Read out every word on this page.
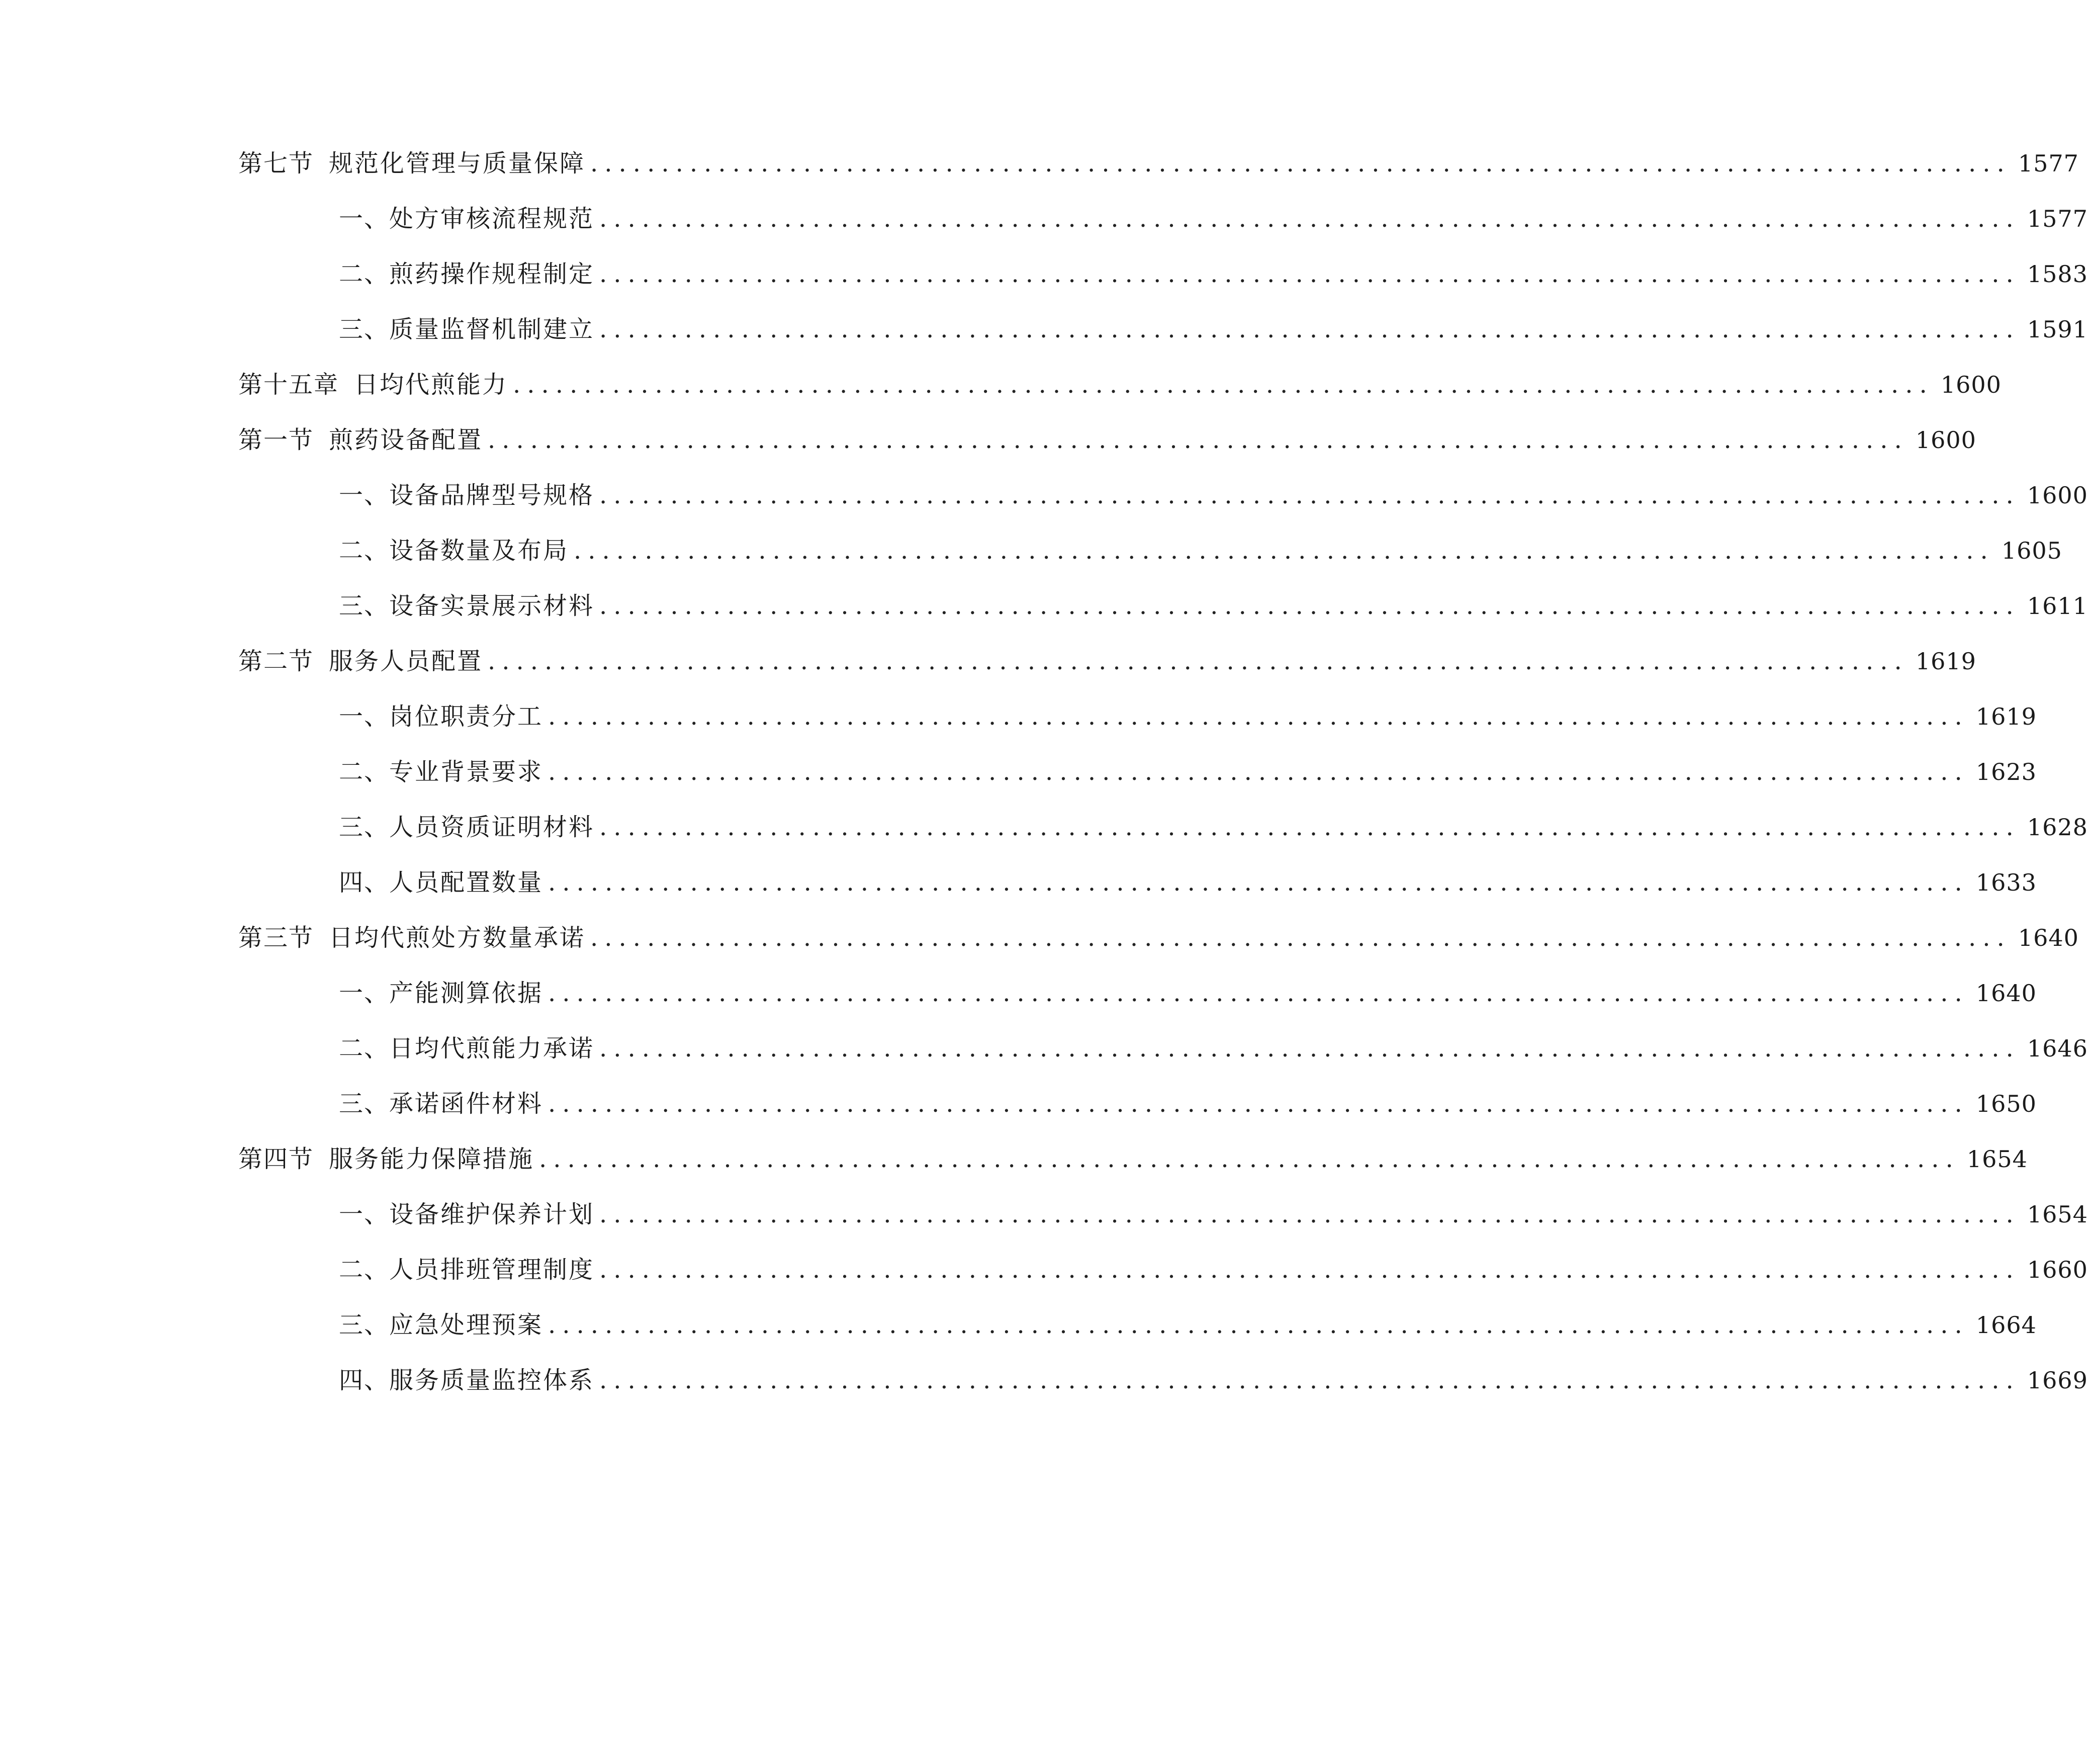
第七节 规范化管理与质量保障 .................................................................................................... 1577
一、 处方审核流程规范 .................................................................................................... 1577
二、 煎药操作规程制定 .................................................................................................... 1583
三、 质量监督机制建立 .................................................................................................... 1591
第十五章 日均代煎能力 .................................................................................................... 1600
第一节 煎药设备配置 .................................................................................................... 1600
一、 设备品牌型号规格 .................................................................................................... 1600
二、 设备数量及布局 .................................................................................................... 1605
三、 设备实景展示材料 .................................................................................................... 1611
第二节 服务人员配置 .................................................................................................... 1619
一、 岗位职责分工 .................................................................................................... 1619
二、 专业背景要求 .................................................................................................... 1623
三、 人员资质证明材料 .................................................................................................... 1628
四、 人员配置数量 .................................................................................................... 1633
第三节 日均代煎处方数量承诺 .................................................................................................... 1640
一、 产能测算依据 .................................................................................................... 1640
二、 日均代煎能力承诺 .................................................................................................... 1646
三、 承诺函件材料 .................................................................................................... 1650
第四节 服务能力保障措施 .................................................................................................... 1654
一、 设备维护保养计划 .................................................................................................... 1654
二、 人员排班管理制度 .................................................................................................... 1660
三、 应急处理预案 .................................................................................................... 1664
四、 服务质量监控体系 .................................................................................................... 1669
